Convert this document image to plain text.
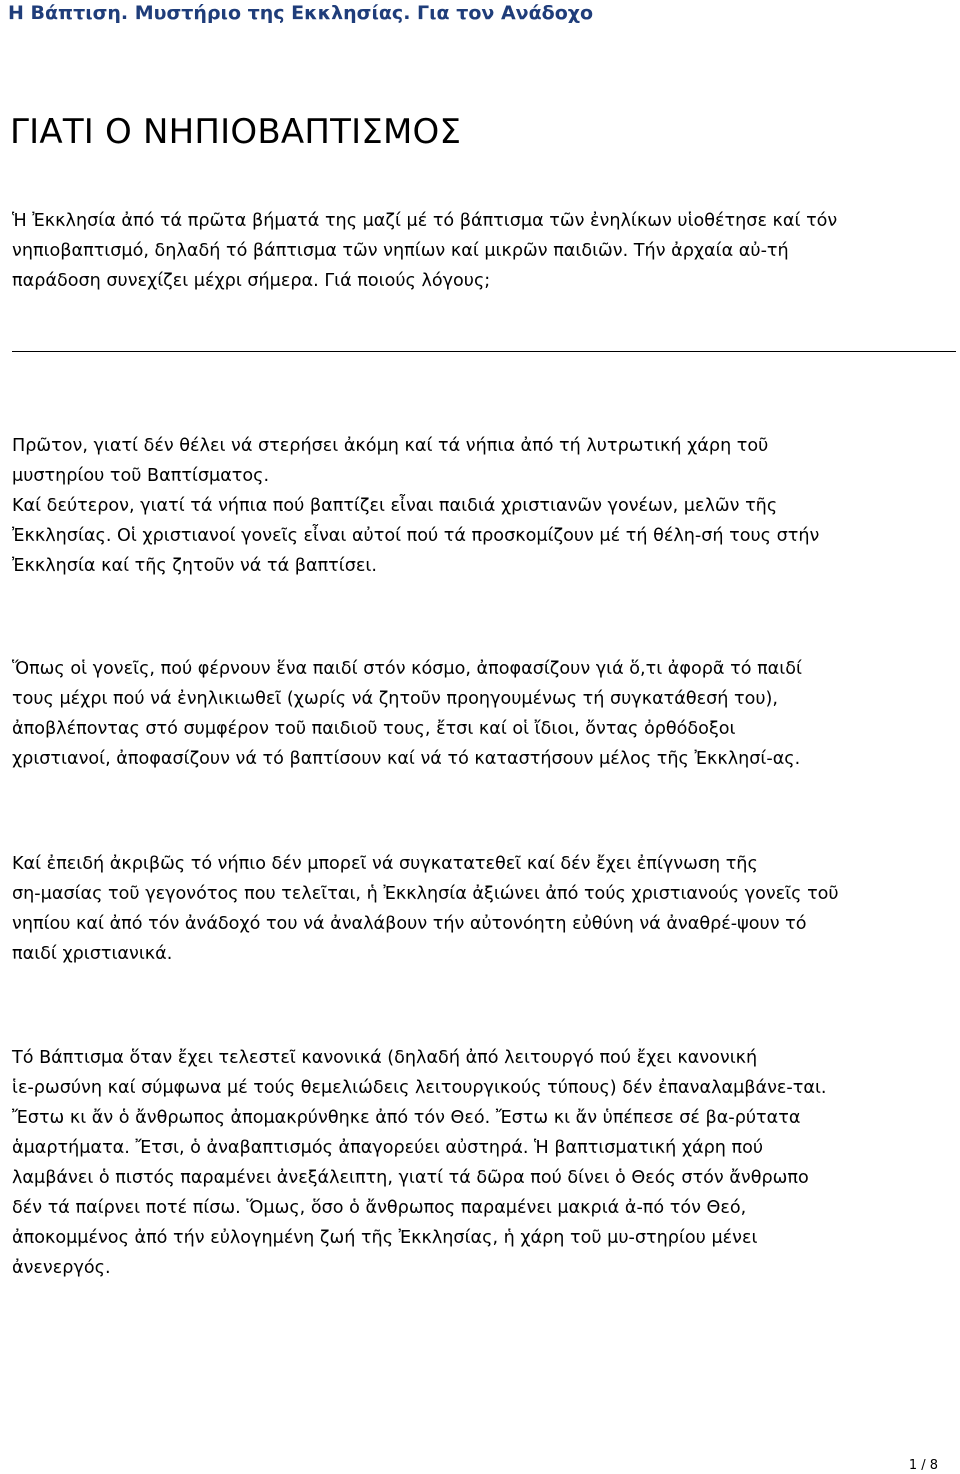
Η Βάπτιση. Μυστήριο της Εκκλησίας. Για τον Ανάδοχο
ΓΙΑΤΙ Ο ΝΗΠΙΟΒΑΠΤΙΣΜΟΣ
Ἡ Ἐκκλησία ἀπό τά πρῶτα βήματά της μαζί μέ τό βάπτισμα τῶν ἐνηλίκων υἱοθέτησε καί τόν
νηπιοβαπτισμό, δηλαδή τό βάπτισμα τῶν νηπίων καί μικρῶν παιδιῶν. Τήν ἀρχαία αὐ-τή
παράδοση συνεχίζει μέχρι σήμερα. Γιά ποιούς λόγους;
Πρῶτον, γιατί δέν θέλει νά στερήσει ἀκόμη καί τά νήπια ἀπό τή λυτρωτική χάρη τοῦ
μυστηρίου τοῦ Βαπτίσματος.
Καί δεύτερον, γιατί τά νήπια πού βαπτίζει εἶναι παιδιά χριστιανῶν γονέων, μελῶν τῆς
Ἐκκλησίας. Οἱ χριστιανοί γονεῖς εἶναι αὐτοί πού τά προσκομίζουν μέ τή θέλη-σή τους στήν
Ἐκκλησία καί τῆς ζητοῦν νά τά βαπτίσει.
Ὅπως οἱ γονεῖς, πού φέρνουν ἕνα παιδί στόν κόσμο, ἀποφασίζουν γιά ὅ,τι ἀφορᾶ τό παιδί
τους μέχρι πού νά ἐνηλικιωθεῖ (χωρίς νά ζητοῦν προηγουμένως τή συγκατάθεσή του),
ἀποβλέποντας στό συμφέρον τοῦ παιδιοῦ τους, ἔτσι καί οἱ ἴδιοι, ὄντας ὀρθόδοξοι
χριστιανοί, ἀποφασίζουν νά τό βαπτίσουν καί νά τό καταστήσουν μέλος τῆς Ἐκκλησί-ας.
Καί ἐπειδή ἀκριβῶς τό νήπιο δέν μπορεῖ νά συγκατατεθεῖ καί δέν ἔχει ἐπίγνωση τῆς
ση-μασίας τοῦ γεγονότος που τελεῖται, ἡ Ἐκκλησία ἀξιώνει ἀπό τούς χριστιανούς γονεῖς τοῦ
νηπίου καί ἀπό τόν ἀνάδοχό του νά ἀναλάβουν τήν αὐτονόητη εὐθύνη νά ἀναθρέ-ψουν τό
παιδί χριστιανικά.
Τό Βάπτισμα ὅταν ἔχει τελεστεῖ κανονικά (δηλαδή ἀπό λειτουργό πού ἔχει κανονική
ἱε-ρωσύνη καί σύμφωνα μέ τούς θεμελιώδεις λειτουργικούς τύπους) δέν ἐπαναλαμβάνε-ται.
Ἔστω κι ἄν ὁ ἄνθρωπος ἀπομακρύνθηκε ἀπό τόν Θεό. Ἔστω κι ἄν ὑπέπεσε σέ βα-ρύτατα
ἁμαρτήματα. Ἔτσι, ὁ ἀναβαπτισμός ἀπαγορεύει αὐστηρά. Ἡ βαπτισματική χάρη πού
λαμβάνει ὁ πιστός παραμένει ἀνεξάλειπτη, γιατί τά δῶρα πού δίνει ὁ Θεός στόν ἄνθρωπο
δέν τά παίρνει ποτέ πίσω. Ὅμως, ὅσο ὁ ἄνθρωπος παραμένει μακριά ἀ-πό τόν Θεό,
ἀποκομμένος ἀπό τήν εὐλογημένη ζωή τῆς Ἐκκλησίας, ἡ χάρη τοῦ μυ-στηρίου μένει
ἀνενεργός.
1 / 8
